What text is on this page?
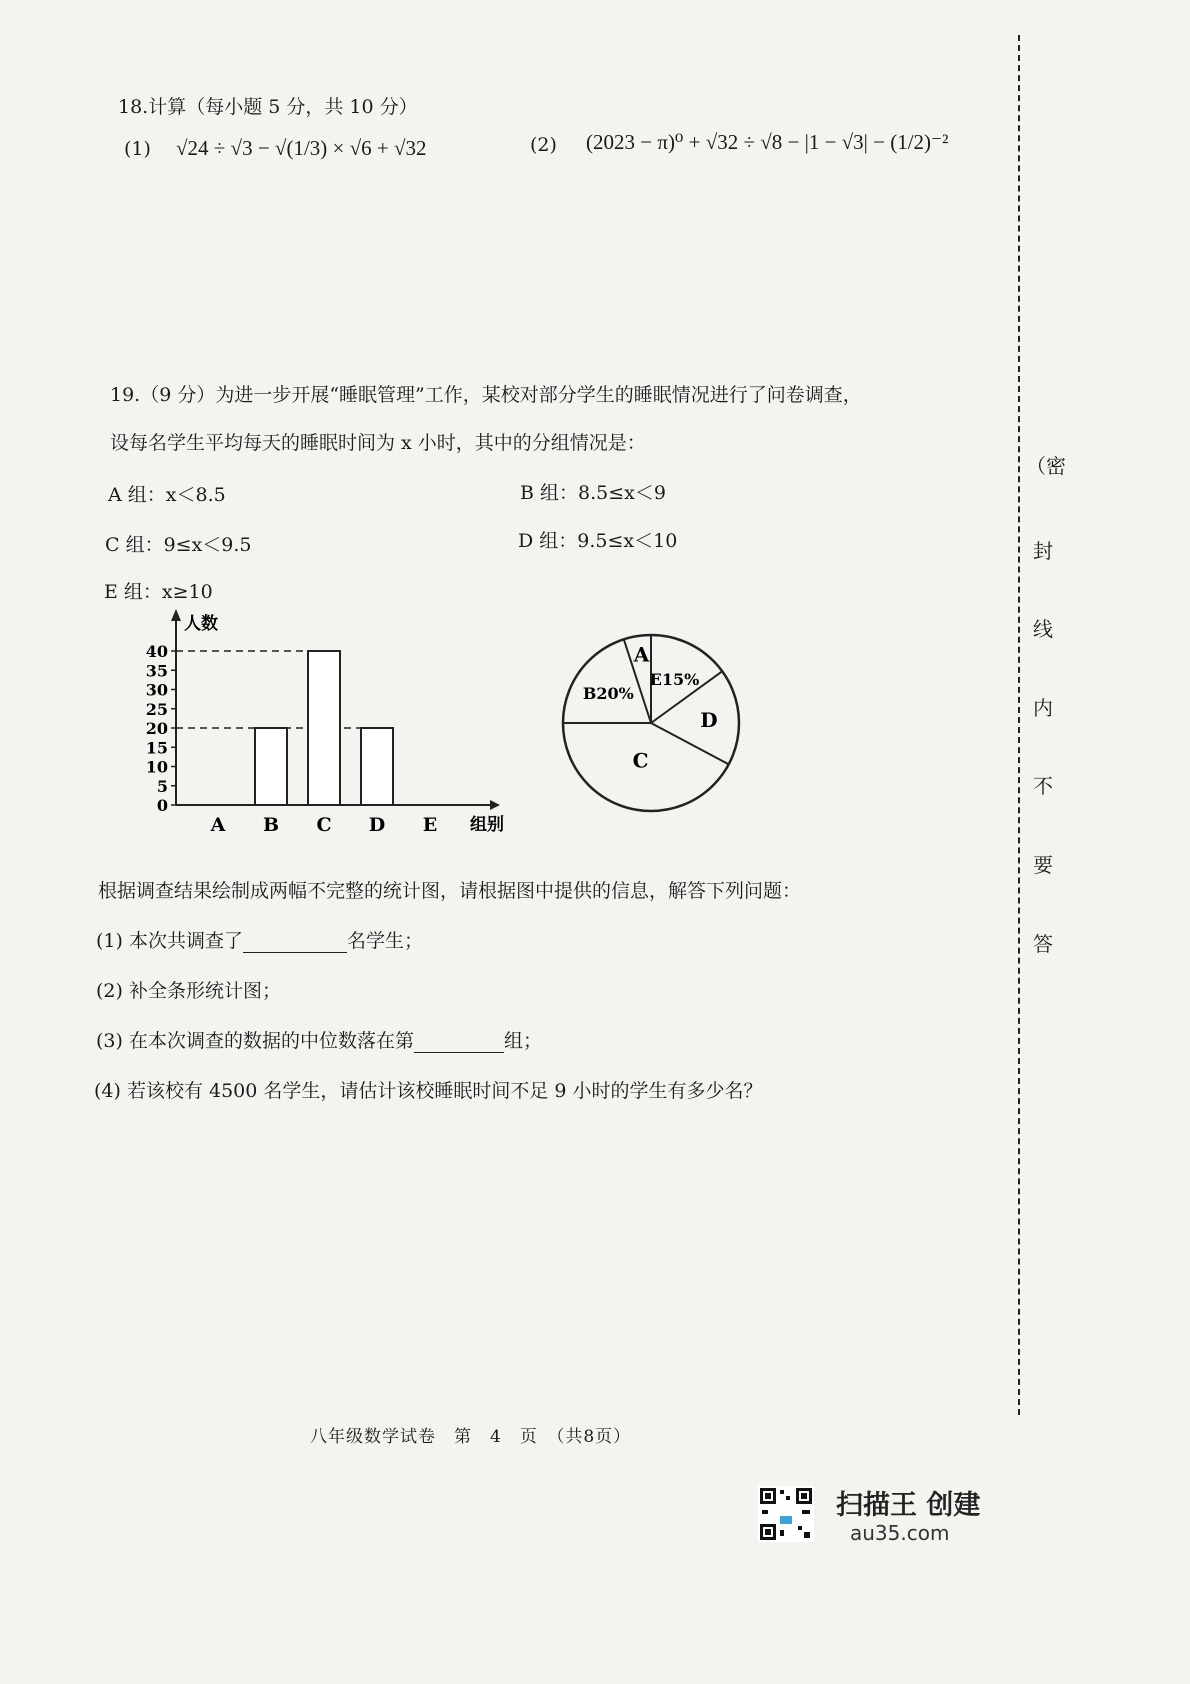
18.计算（每小题 5 分，共 10 分）
(1) √24 ÷ √3 − √(1/3) × √6 + √32	(2) (2023 − π)⁰ + √32 ÷ √8 − |1 − √3| − (1/2)⁻²
19.（9 分）为进一步开展“睡眠管理”工作，某校对部分学生的睡眠情况进行了问卷调查，
设每名学生平均每天的睡眠时间为 x 小时，其中的分组情况是：
A 组：x＜8.5	B 组：8.5≤x＜9
C 组：9≤x＜9.5	D 组：9.5≤x＜10
E 组：x≥10
0
5
10
15
20
25
30
35
40
人数
组别
A B C D E
A
E15%
D
C
B20%
根据调查结果绘制成两幅不完整的统计图，请根据图中提供的信息，解答下列问题：
(1) 本次共调查了	名学生；
(2) 补全条形统计图；
(3) 在本次调查的数据的中位数落在第	组；
(4) 若该校有 4500 名学生，请估计该校睡眠时间不足 9 小时的学生有多少名？
（密
封
线
内
不
要
答
八年级数学试卷　第　4　页　（共8页）
扫描王 创建
au35.com
